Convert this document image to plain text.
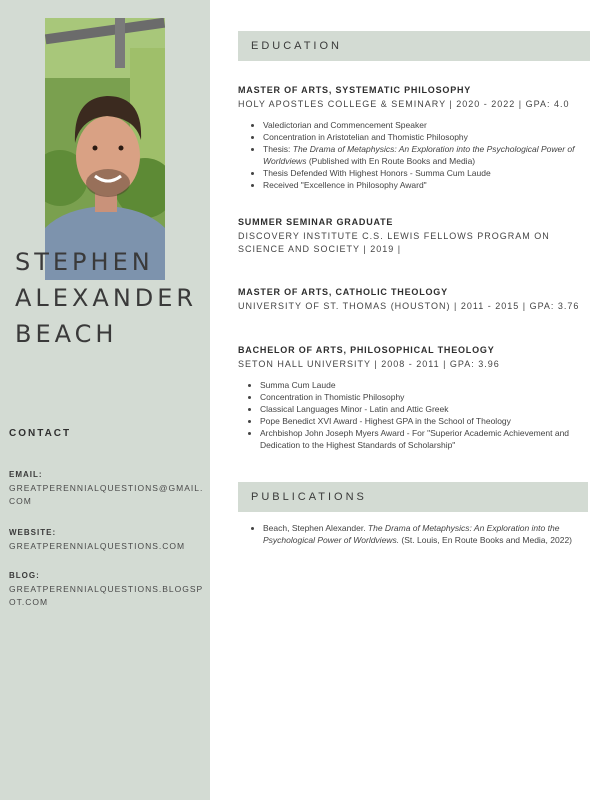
STEPHEN
ALEXANDER
BEACH
CONTACT
EMAIL:
GREATPERENNIALQUESTIONS@GMAIL.COM
WEBSITE:
GREATPERENNIALQUESTIONS.COM
BLOG:
GREATPERENNIALQUESTIONS.BLOGSPOT.COM
EDUCATION
MASTER OF ARTS, SYSTEMATIC PHILOSOPHY
HOLY APOSTLES COLLEGE & SEMINARY | 2020 - 2022 | GPA: 4.0
• Valedictorian and Commencement Speaker
• Concentration in Aristotelian and Thomistic Philosophy
• Thesis: The Drama of Metaphysics: An Exploration into the Psychological Power of Worldviews (Published with En Route Books and Media)
• Thesis Defended With Highest Honors - Summa Cum Laude
• Received "Excellence in Philosophy Award"
SUMMER SEMINAR GRADUATE
DISCOVERY INSTITUTE C.S. LEWIS FELLOWS PROGRAM ON SCIENCE AND SOCIETY | 2019 |
MASTER OF ARTS, CATHOLIC THEOLOGY
UNIVERSITY OF ST. THOMAS (HOUSTON) | 2011 - 2015 | GPA: 3.76
BACHELOR OF ARTS, PHILOSOPHICAL THEOLOGY
SETON HALL UNIVERSITY | 2008 - 2011 | GPA: 3.96
• Summa Cum Laude
• Concentration in Thomistic Philosophy
• Classical Languages Minor - Latin and Attic Greek
• Pope Benedict XVI Award - Highest GPA in the School of Theology
• Archbishop John Joseph Myers Award - For "Superior Academic Achievement and Dedication to the Highest Standards of Scholarship"
PUBLICATIONS
• Beach, Stephen Alexander. The Drama of Metaphysics: An Exploration into the Psychological Power of Worldviews. (St. Louis, En Route Books and Media, 2022)
